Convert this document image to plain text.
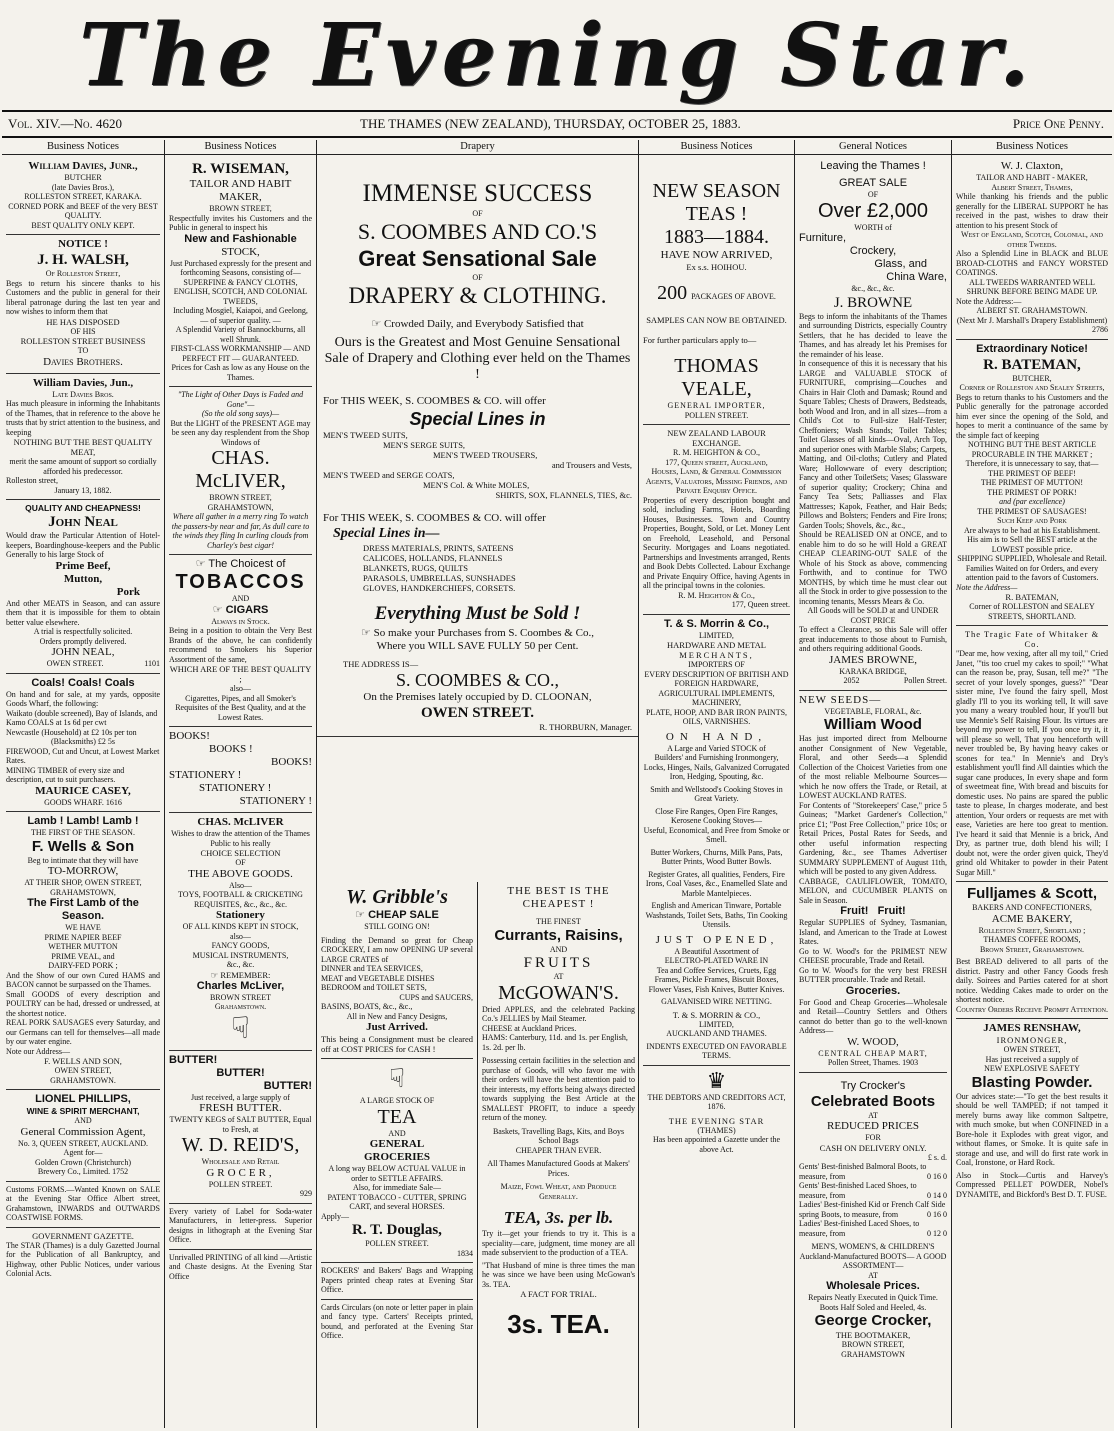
The Evening Star.
Vol. XIV.—No. 4620	THE THAMES (NEW ZEALAND), THURSDAY, OCTOBER 25, 1883.	Price One Penny.
Business Notices

William Davies, Junr.,

BUTCHER

(late Davies Bros.),

ROLLESTON STREET, KARAKA.

CORNED PORK and BEEF of the very BEST QUALITY.

BEST QUALITY ONLY KEPT.

NOTICE !

J. H. WALSH,

Of Rolleston Street,

Begs to return his sincere thanks to his Customers and the public in general for their liberal patronage during the last ten year and now wishes to inform them that

HE HAS DISPOSED

OF HIS

ROLLESTON STREET BUSINESS

TO

Davies Brothers.

William Davies, Jun.,

Late Davies Bros.

Has much pleasure in informing the Inhabitants of the Thames, that in reference to the above he trusts that by strict attention to the business, and keeping

NOTHING BUT THE BEST QUALITY MEAT,

merit the same amount of support so cordially afforded his predecessor.

Rolleston street,

January 13, 1882.

QUALITY AND CHEAPNESS!

John Neal

Would draw the Particular Attention of Hotel-keepers, Boardinghouse-keepers and the Public Generally to his large Stock of

Prime Beef,

Mutton,

Pork

And other MEATS in Season, and can assure them that it is impossible for them to obtain better value elsewhere.

A trial is respectfully solicited.

Orders promptly delivered.

JOHN NEAL,

OWEN STREET.	1101

Coals! Coals! Coals

On hand and for sale, at my yards, opposite Goods Wharf, the following:

Waikato (double screened), Bay of Islands, and Kamo COALS at 1s 6d per cwt

Newcastle (Household) at £2 10s per ton

(Blacksmiths) £2 5s

FIREWOOD, Cut and Uncut, at Lowest Market Rates.

MINING TIMBER of every size and description, cut to suit purchasers.

MAURICE CASEY,

GOODS WHARF. 1616

Lamb ! Lamb! Lamb !

THE FIRST OF THE SEASON.

F. Wells & Son

Beg to intimate that they will have

TO-MORROW,

AT THEIR SHOP, OWEN STREET, GRAHAMSTOWN,

The First Lamb of the Season.

WE HAVE

PRIME NAPIER BEEF

WETHER MUTTON

PRIME VEAL, and

DAIRY-FED PORK ;

And the Show of our own Cured HAMS and BACON cannot be surpassed on the Thames.

Small GOODS of every description and POULTRY can be had, dressed or undressed, at the shortest notice.

REAL PORK SAUSAGES every Saturday, and our Germans can tell for themselves—all made by our water engine.

Note our Address—

F. WELLS AND SON,

OWEN STREET,

GRAHAMSTOWN.

LIONEL PHILLIPS,

WINE & SPIRIT MERCHANT,

AND

General Commission Agent,

No. 3, QUEEN STREET, AUCKLAND.

Agent for—

Golden Crown (Christchurch)

Brewery Co., Limited. 1752

Customs FORMS.—Wanted Known on SALE at the Evening Star Office Albert street, Grahamstown, INWARDS and OUTWARDS COASTWISE FORMS.

GOVERNMENT GAZETTE.

The STAR (Thames) is a duly Gazetted Journal for the Publication of all Bankruptcy, and Highway, other Public Notices, under various Colonial Acts.

Business Notices

R. WISEMAN,

TAILOR AND HABIT MAKER,

BROWN STREET,

Respectfully invites his Customers and the Public in general to inspect his

New and Fashionable

STOCK,

Just Purchased expressly for the present and forthcoming Seasons, consisting of—

SUPERFINE & FANCY CLOTHS, ENGLISH, SCOTCH, AND COLONIAL TWEEDS,

Including Mosgiel, Kaiapoi, and Geelong, — of superior quality. —

A Splendid Variety of Bannockburns, all well Shrunk.

FIRST-CLASS WORKMANSHIP — AND PERFECT FIT — GUARANTEED.

Prices for Cash as low as any House on the Thames.

"The Light of Other Days is Faded and Gone"—

(So the old song says)—

But the LIGHT of the PRESENT AGE may be seen any day resplendent from the Shop Windows of

CHAS. McLIVER,

BROWN STREET,

GRAHAMSTOWN,

Where all gather in a merry ring To watch the passers-by near and far, As dull care to the winds they fling In curling clouds from Charley's best cigar!

☞ The Choicest of

TOBACCOS

AND

☞ CIGARS

Always in Stock.

Being in a position to obtain the Very Best Brands of the above, he can confidently recommend to Smokers his Superior Assortment of the same,

WHICH ARE OF THE BEST QUALITY ;

also—

Cigarettes, Pipes, and all Smoker's Requisites of the Best Quality, and at the Lowest Rates.

BOOKS!

BOOKS !

BOOKS!

STATIONERY !

STATIONERY !

STATIONERY !

CHAS. McLIVER

Wishes to draw the attention of the Thames Public to his really

CHOICE SELECTION

OF

THE ABOVE GOODS.

Also—

TOYS, FOOTBALL & CRICKETING REQUISITES, &c., &c., &c.

Stationery

OF ALL KINDS KEPT IN STOCK,

also—

FANCY GOODS,

MUSICAL INSTRUMENTS,

&c., &c.

☞ REMEMBER:

Charles McLiver,

BROWN STREET

Grahamstown.

☟

BUTTER!

BUTTER!

BUTTER!

Just received, a large supply of

FRESH BUTTER.

TWENTY KEGS of SALT BUTTER, Equal to Fresh, at

W. D. REID'S,

Wholesale and Retail

GROCER,

POLLEN STREET.

929

Every variety of Label for Soda-water Manufacturers, in letter-press. Superior designs in lithograph at the Evening Star Office.

Unrivalled PRINTING of all kind —Artistic and Chaste designs. At the Evening Star Office

Drapery

IMMENSE SUCCESS

OF

S. COOMBES AND CO.'S

Great Sensational Sale

OF

DRAPERY & CLOTHING.

☞ Crowded Daily, and Everybody Satisfied that

Ours is the Greatest and Most Genuine Sensational Sale of Drapery and Clothing ever held on the Thames !

For THIS WEEK, S. COOMBES & CO. will offer

Special Lines in

MEN'S TWEED SUITS,

MEN'S SERGE SUITS,

MEN'S TWEED TROUSERS,

and Trousers and Vests,

MEN'S TWEED and SERGE COATS,

MEN'S Col. & White MOLES,

SHIRTS, SOX, FLANNELS, TIES, &c.

For THIS WEEK, S. COOMBES & CO. will offer

Special Lines in—

DRESS MATERIALS, PRINTS, SATEENS

CALICOES, HOLLANDS, FLANNELS

BLANKETS, RUGS, QUILTS

PARASOLS, UMBRELLAS, SUNSHADES

GLOVES, HANDKERCHIEFS, CORSETS.

Everything Must be Sold !

☞ So make your Purchases from S. Coombes & Co.,

Where you WILL SAVE FULLY 50 per Cent.

THE ADDRESS IS—

S. COOMBES & CO.,

On the Premises lately occupied by D. CLOONAN,

OWEN STREET.

R. THORBURN, Manager.

W. Gribble's

☞ CHEAP SALE

STILL GOING ON!

Finding the Demand so great for Cheap CROCKERY, I am now OPENING UP several LARGE CRATES of

DINNER and TEA SERVICES,

MEAT and VEGETABLE DISHES

BEDROOM and TOILET SETS,

CUPS and SAUCERS,

BASINS, BOATS, &c., &c.,

All in New and Fancy Designs,

Just Arrived.

This being a Consignment must be cleared off at COST PRICES for CASH !

☟

A LARGE STOCK OF

TEA

AND

GENERAL

GROCERIES

A long way BELOW ACTUAL VALUE in order to SETTLE AFFAIRS.

Also, for immediate Sale—

PATENT TOBACCO - CUTTER, SPRING CART, and several HORSES.

Apply—

R. T. Douglas,

POLLEN STREET.

1834

ROCKERS' and Bakers' Bags and Wrapping Papers printed cheap rates at Evening Star Office.

Cards Circulars (on note or letter paper in plain and fancy type. Carters' Receipts printed, bound, and perforated at the Evening Star Office.

THE BEST IS THE CHEAPEST !

THE FINEST

Currants, Raisins,

AND

FRUITS

AT

McGOWAN'S.

Dried APPLES, and the celebrated Packing Co.'s JELLIES by Mail Steamer.

CHEESE at Auckland Prices.

HAMS: Canterbury, 11d. and 1s. per English, 1s. 2d. per lb.

Possessing certain facilities in the selection and purchase of Goods, will who favor me with their orders will have the best attention paid to their interests, my efforts being always directed towards supplying the Best Article at the SMALLEST PROFIT, to induce a speedy return of the money.

Baskets, Travelling Bags, Kits, and Boys School Bags

CHEAPER THAN EVER.

All Thames Manufactured Goods at Makers' Prices.

Maize, Fowl Wheat, and Produce Generally.

TEA, 3s. per lb.

Try it—get your friends to try it. This is a speciality—care, judgment, time money are all made subservient to the production of a TEA.

"That Husband of mine is three times the man he was since we have been using McGowan's 3s. TEA.

A FACT FOR TRIAL.

3s. TEA.

Business Notices

NEW SEASON

TEAS !

1883—1884.

HAVE NOW ARRIVED,

Ex s.s. HOIHOU.

200 PACKAGES OF ABOVE.

SAMPLES CAN NOW BE OBTAINED.

For further particulars apply to—

THOMAS VEALE,

GENERAL IMPORTER,

POLLEN STREET.

NEW ZEALAND LABOUR EXCHANGE.

R. M. HEIGHTON & CO.,

177, Queen street, Auckland,

Houses, Land, & General Commission Agents, Valuators, Missing Friends, and Private Enquiry Office.

Properties of every description bought and sold, including Farms, Hotels, Boarding Houses, Businesses. Town and Country Properties, Bought, Sold, or Let. Money Lent on Freehold, Leasehold, and Personal Security. Mortgages and Loans negotiated. Partnerships and Investments arranged, Rents and Book Debts Collected. Labour Exchange and Private Enquiry Office, having Agents in all the principal towns in the colonies.

R. M. Heighton & Co.,

177, Queen street.

T. & S. Morrin & Co.,

LIMITED,

HARDWARE AND METAL

MERCHANTS,

IMPORTERS OF

EVERY DESCRIPTION OF BRITISH AND FOREIGN HARDWARE,

AGRICULTURAL IMPLEMENTS, MACHINERY,

PLATE, HOOP, AND BAR IRON PAINTS, OILS, VARNISHES.

ON HAND,

A Large and Varied STOCK of

Builders' and Furnishing Ironmongery, Locks, Hinges, Nails, Galvanized Corrugated Iron, Hedging, Spouting, &c.

Smith and Wellstood's Cooking Stoves in Great Variety.

Close Fire Ranges, Open Fire Ranges, Kerosene Cooking Stoves—

Useful, Economical, and Free from Smoke or Smell.

Butter Workers, Churns, Milk Pans, Pats, Butter Prints, Wood Butter Bowls.

Register Grates, all qualities, Fenders, Fire Irons, Coal Vases, &c., Enamelled Slate and Marble Mantelpieces.

English and American Tinware, Portable Washstands, Toilet Sets, Baths, Tin Cooking Utensils.

JUST OPENED,

A Beautiful Assortment of

ELECTRO-PLATED WARE IN

Tea and Coffee Services, Cruets, Egg Frames, Pickle Frames, Biscuit Boxes, Flower Vases, Fish Knives, Butter Knives.

GALVANISED WIRE NETTING.

T. & S. MORRIN & CO.,

LIMITED,

AUCKLAND AND THAMES.

INDENTS EXECUTED ON FAVORABLE TERMS.

♛

THE DEBTORS AND CREDITORS ACT, 1876.

THE EVENING STAR

(THAMES)

Has been appointed a Gazette under the above Act.

General Notices

Leaving the Thames !

GREAT SALE

OF

Over £2,000

WORTH of

Furniture,

Crockery,

Glass, and

China Ware,

&c., &c., &c.

J. BROWNE

Begs to inform the inhabitants of the Thames and surrounding Districts, especially Country Settlers, that he has decided to leave the Thames, and has already let his Premises for the remainder of his lease.

In consequence of this it is necessary that his LARGE and VALUABLE STOCK of FURNITURE, comprising—Couches and Chairs in Hair Cloth and Damask; Round and Square Tables; Chests of Drawers, Bedsteads, both Wood and Iron, and in all sizes—from a Child's Cot to Full-size Half-Tester; Cheffoniers; Wash Stands; Toilet Tables; Toilet Glasses of all kinds—Oval, Arch Top, and superior ones with Marble Slabs; Carpets, Matting, and Oil-cloths; Cutlery and Plated Ware; Hollowware of every description; Fancy and other ToiletSets; Vases; Glassware of superior quality; Crockery; China and Fancy Tea Sets; Palliasses and Flax Mattresses; Kapok, Feather, and Hair Beds; Pillows and Bolsters; Fenders and Fire Irons; Garden Tools; Shovels, &c., &c.,

Should be REALISED ON at ONCE, and to enable him to do so he will Hold a GREAT CHEAP CLEARING-OUT SALE of the Whole of his Stock as above, commencing Forthwith, and to continue for TWO MONTHS, by which time he must clear out all the Stock in order to give possession to the incoming tenants, Messrs Mears & Co.

All Goods will be SOLD at and UNDER COST PRICE

To effect a Clearance, so this Sale will offer great inducements to those about to Furnish, and others requiring additional Goods.

JAMES BROWNE,

KARAKA BRIDGE,

2052	Pollen Street.

NEW SEEDS—

VEGETABLE, FLORAL, &c.

William Wood

Has just imported direct from Melbourne another Consignment of New Vegetable, Floral, and other Seeds—a Splendid Collection of the Choicest Varieties from one of the most reliable Melbourne Sources—which he now offers the Trade, or Retail, at LOWEST AUCKLAND RATES.

For Contents of "Storekeepers' Case," price 5 Guineas; "Market Gardener's Collection," price £1; "Post Free Collection," price 10s; or Retail Prices, Postal Rates for Seeds, and other useful information respecting Gardening, &c., see Thames Advertiser SUMMARY SUPPLEMENT of August 11th, which will be posted to any given Address.

CABBAGE, CAULIFLOWER, TOMATO, MELON, and CUCUMBER PLANTS on Sale in Season.

Fruit! Fruit!

Regular SUPPLIES of Sydney, Tasmanian, Island, and American to the Trade at Lowest Rates.

Go to W. Wood's for the PRIMEST NEW CHEESE procurable, Trade and Retail.

Go to W. Wood's for the very best FRESH BUTTER procurable. Trade and Retail.

Groceries.

For Good and Cheap Groceries—Wholesale and Retail—Country Settlers and Others cannot do better than go to the well-known Address—

W. WOOD,

CENTRAL CHEAP MART,

Pollen Street, Thames. 1903

Try Crocker's

Celebrated Boots

AT

REDUCED PRICES

FOR

CASH ON DELIVERY ONLY.

£ s. d.

Gents' Best-finished Balmoral Boots, to measure, from	0 16 0

Gents' Best-finished Laced Shoes, to measure, from	0 14 0

Ladies' Best-finished Kid or French Calf Side spring Boots, to measure, from	0 16 0

Ladies' Best-finished Laced Shoes, to measure, from	0 12 0

MEN'S, WOMEN'S, & CHILDREN'S Auckland-Manufactured BOOTS— A GOOD ASSORTMENT—

AT

Wholesale Prices.

Repairs Neatly Executed in Quick Time. Boots Half Soled and Heeled, 4s.

George Crocker,

THE BOOTMAKER,

BROWN STREET,

GRAHAMSTOWN

Business Notices

W. J. Claxton,

TAILOR AND HABIT - MAKER,

Albert Street, Thames,

While thanking his friends and the public generally for the LIBERAL SUPPORT he has received in the past, wishes to draw their attention to his present Stock of

West of England, Scotch, Colonial, and other Tweeds.

Also a Splendid Line in BLACK and BLUE BROAD-CLOTHS and FANCY WORSTED COATINGS.

ALL TWEEDS WARRANTED WELL SHRUNK BEFORE BEING MADE UP.

Note the Address:—

ALBERT ST. GRAHAMSTOWN.

(Next Mr J. Marshall's Drapery Establishment)

2786

Extraordinary Notice!

R. BATEMAN,

BUTCHER,

Corner of Rolleston and Sealey Streets,

Begs to return thanks to his Customers and the Public generally for the patronage accorded him ever since the opening of the Sold, and hopes to merit a continuance of the same by the simple fact of keeping

NOTHING BUT THE BEST ARTICLE PROCURABLE IN THE MARKET ;

Therefore, it is unnecessary to say, that—

THE PRIMEST OF BEEF!

THE PRIMEST OF MUTTON!

THE PRIMEST OF PORK!

and (par excellence)

THE PRIMEST OF SAUSAGES!

Such Keep and Pork

Are always to be had at his Establishment.

His aim is to Sell the BEST article at the LOWEST possible price.

SHIPPING SUPPLIED, Wholesale and Retail.

Families Waited on for Orders, and every attention paid to the favors of Customers.

Note the Address—

R. BATEMAN,

Corner of ROLLESTON and SEALEY STREETS, SHORTLAND.

The Tragic Fate of Whitaker & Co.

"Dear me, how vexing, after all my toil," Cried Janet, "'tis too cruel my cakes to spoil;" "What can the reason be, pray, Susan, tell me?" "The secret of your lovely sponges, guess?" "Dear sister mine, I've found the fairy spell, Most gladly I'll to you its working tell, It will save you many a weary troubled hour, If you'll but use Mennie's Self Raising Flour. Its virtues are beyond my power to tell, If you once try it, it will please so well, That you henceforth will never troubled be, By having heavy cakes or scones for tea." In Mennie's and Dry's establishment you'll find All dainties which the sugar cane produces, In every shape and form of sweetmeat fine, With bread and biscuits for domestic uses. No pains are spared the public taste to please, In charges moderate, and best attention, Your orders or requests are met with ease, Varieties are here too great to mention. I've heard it said that Mennie is a brick, And Dry, as partner true, doth blend his will; I doubt not, were the order given quick, They'd grind old Whitaker to powder in their Patent Sugar Mill."

Fulljames & Scott,

BAKERS AND CONFECTIONERS,

ACME BAKERY,

Rolleston Street, Shortland ;

THAMES COFFEE ROOMS,

Brown Street, Grahamstown.

Best BREAD delivered to all parts of the district. Pastry and other Fancy Goods fresh daily. Soirees and Parties catered for at short notice. Wedding Cakes made to order on the shortest notice.

Country Orders Receive Prompt Attention.

JAMES RENSHAW,

IRONMONGER,

OWEN STREET,

Has just received a supply of

NEW EXPLOSIVE SAFETY

Blasting Powder.

Our advices state:—"To get the best results it should be well TAMPED; if not tamped it merely burns away like common Saltpetre, with much smoke, but when CONFINED in a Bore-hole it Explodes with great vigor, and without flames, or Smoke. It is quite safe in storage and use, and will do first rate work in Coal, Ironstone, or Hard Rock.

Also in Stock—Curtis and Harvey's Compressed PELLET POWDER, Nobel's DYNAMITE, and Bickford's Best D. T. FUSE.
